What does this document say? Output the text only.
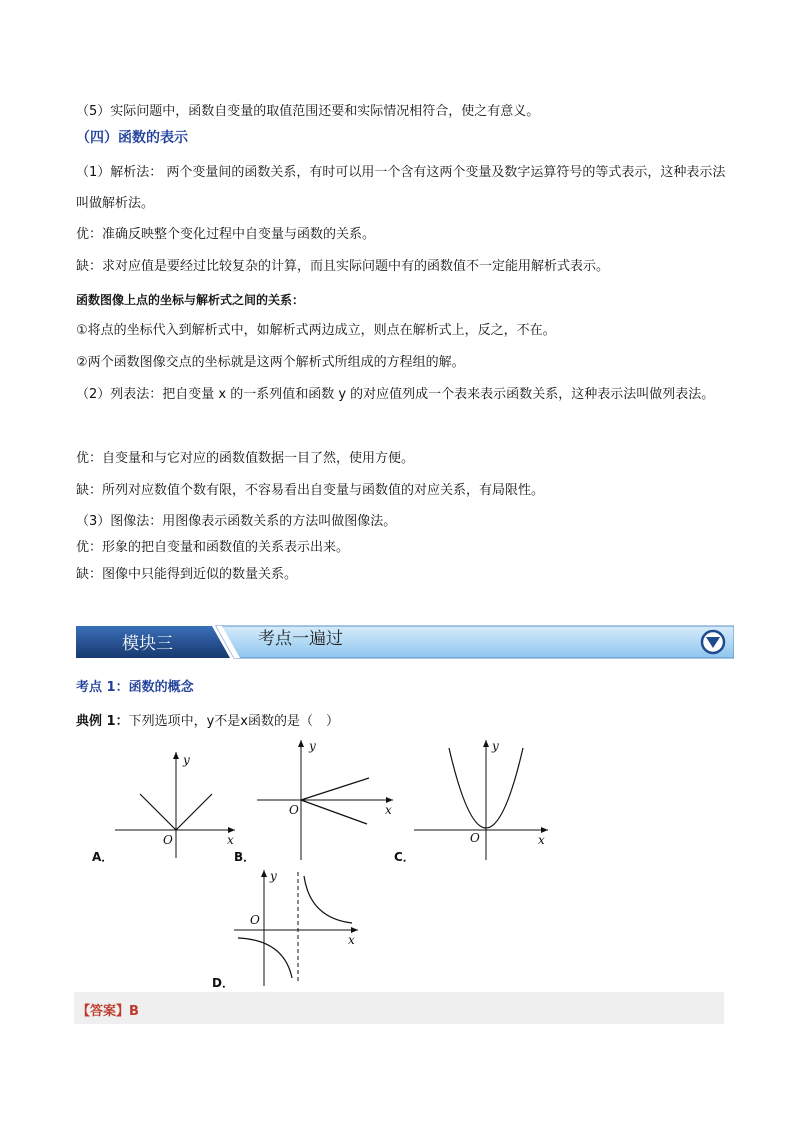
（5）实际问题中，函数自变量的取值范围还要和实际情况相符合，使之有意义。
（四）函数的表示
（1）解析法： 两个变量间的函数关系，有时可以用一个含有这两个变量及数字运算符号的等式表示，这种表示法叫做解析法。
优：准确反映整个变化过程中自变量与函数的关系。
缺：求对应值是要经过比较复杂的计算，而且实际问题中有的函数值不一定能用解析式表示。
函数图像上点的坐标与解析式之间的关系：
①将点的坐标代入到解析式中，如解析式两边成立，则点在解析式上，反之，不在。
②两个函数图像交点的坐标就是这两个解析式所组成的方程组的解。
（2）列表法：把自变量 x 的一系列值和函数 y 的对应值列成一个表来表示函数关系，这种表示法叫做列表法。
优：自变量和与它对应的函数值数据一目了然，使用方便。
缺：所列对应数值个数有限，不容易看出自变量与函数值的对应关系，有局限性。
（3）图像法：用图像表示函数关系的方法叫做图像法。
优：形象的把自变量和函数值的关系表示出来。
缺：图像中只能得到近似的数量关系。
模块三	考点一遍过
考点 1：函数的概念
典例 1：下列选项中，y不是x函数的是（　）
y
x
O
A．
y
x
O
B．
y
x
O
C．
y
x
O
D．
【答案】B
